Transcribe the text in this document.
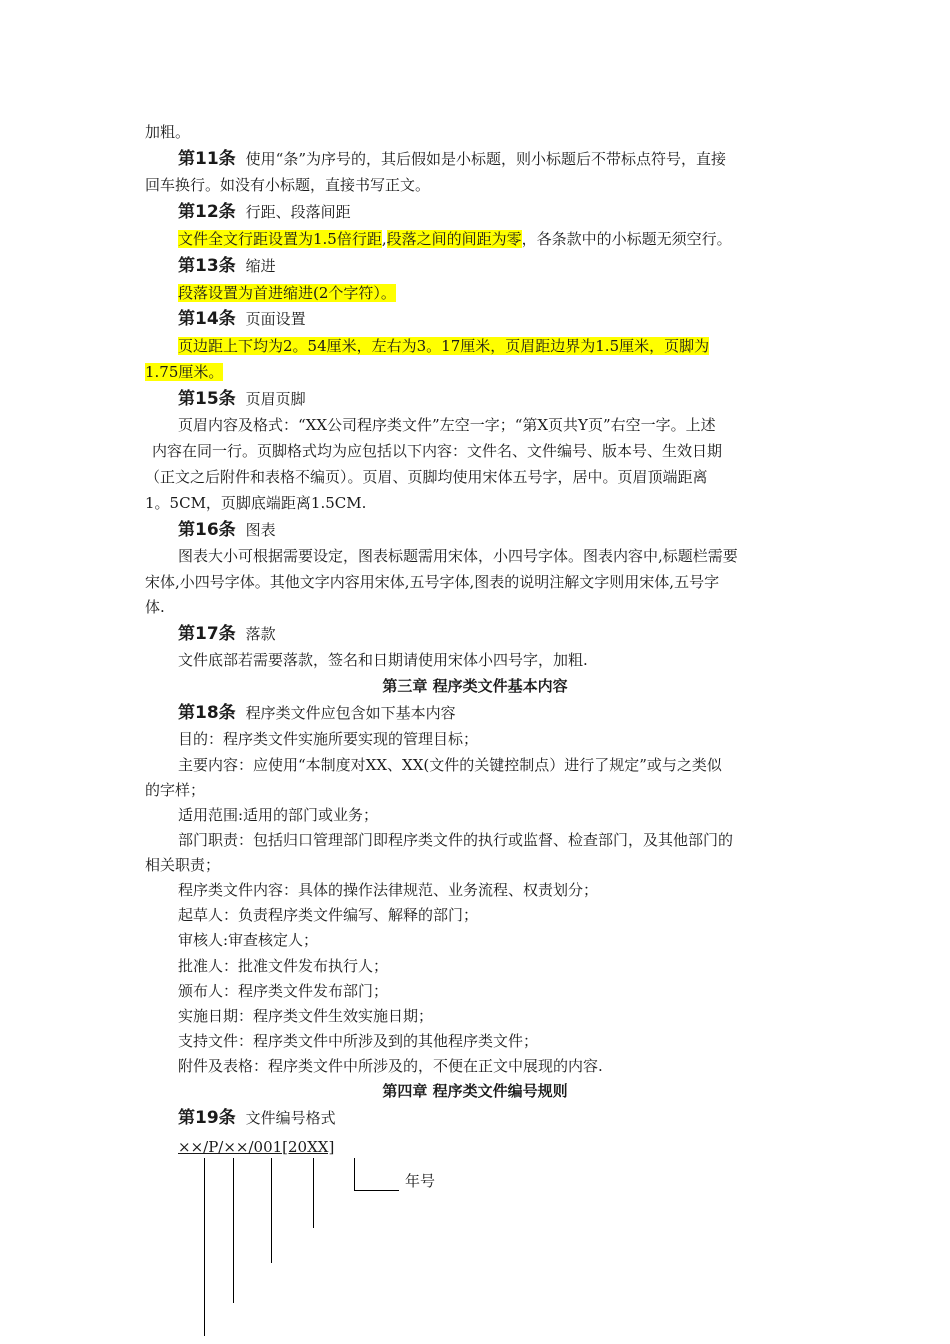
加粗。
第11条 使用“条”为序号的，其后假如是小标题，则小标题后不带标点符号，直接
回车换行。如没有小标题，直接书写正文。
第12条 行距、段落间距
第13条 缩进
第14条 页面设置
第15条 页眉页脚
页眉内容及格式：“XX公司程序类文件”左空一字；“第X页共Y页”右空一字。上述
内容在同一行。页脚格式均为应包括以下内容：文件名、文件编号、版本号、生效日期
（正文之后附件和表格不编页）。页眉、页脚均使用宋体五号字，居中。页眉顶端距离
1。5CM，页脚底端距离1.5CM.
第16条 图表
图表大小可根据需要设定，图表标题需用宋体，小四号字体。图表内容中,标题栏需要
宋体,小四号字体。其他文字内容用宋体,五号字体,图表的说明注解文字则用宋体,五号字
体.
第17条 落款
文件底部若需要落款，签名和日期请使用宋体小四号字，加粗.
第18条 程序类文件应包含如下基本内容
目的：程序类文件实施所要实现的管理目标；
主要内容：应使用“本制度对XX、XX(文件的关键控制点）进行了规定”或与之类似
的字样；
适用范围:适用的部门或业务；
部门职责：包括归口管理部门即程序类文件的执行或监督、检查部门，及其他部门的
相关职责；
程序类文件内容：具体的操作法律规范、业务流程、权责划分；
起草人：负责程序类文件编写、解释的部门；
审核人:审查核定人；
批准人：批准文件发布执行人；
颁布人：程序类文件发布部门；
实施日期：程序类文件生效实施日期；
支持文件：程序类文件中所涉及到的其他程序类文件；
附件及表格：程序类文件中所涉及的，不便在正文中展现的内容.
第19条 文件编号格式
文件全文行距设置为1.5倍行距,段落之间的间距为零，各条款中的小标题无须空行。
段落设置为首进缩进(2个字符）。
页边距上下均为2。54厘米，左右为3。17厘米，页眉距边界为1.5厘米，页脚为
1.75厘米。
第三章 程序类文件基本内容
第四章 程序类文件编号规则
××/P/××/001[20XX]
年号
